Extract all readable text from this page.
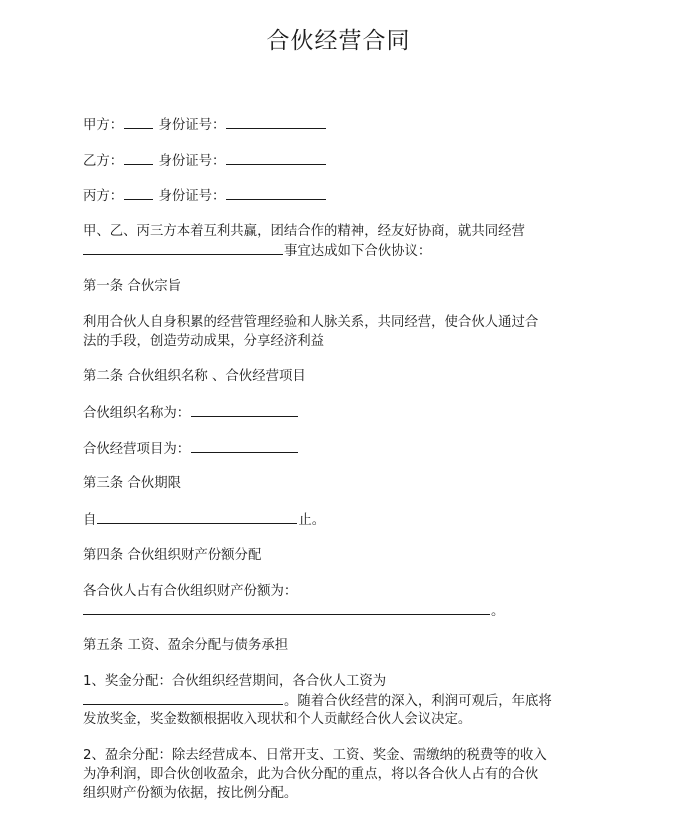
合伙经营合同
甲方：	身份证号：
乙方：	身份证号：
丙方：	身份证号：
甲、乙、丙三方本着互利共赢，团结合作的精神，经友好协商，就共同经营
事宜达成如下合伙协议：
第一条 合伙宗旨
利用合伙人自身积累的经营管理经验和人脉关系，共同经营，使合伙人通过合
法的手段，创造劳动成果，分享经济利益
第二条 合伙组织名称 、合伙经营项目
合伙组织名称为：
合伙经营项目为：
第三条 合伙期限
自	止。
第四条 合伙组织财产份额分配
各合伙人占有合伙组织财产份额为：
。
第五条 工资、盈余分配与债务承担
1、奖金分配：合伙组织经营期间，各合伙人工资为
。随着合伙经营的深入，利润可观后，年底将
发放奖金，奖金数额根据收入现状和个人贡献经合伙人会议决定。
2、盈余分配：除去经营成本、日常开支、工资、奖金、需缴纳的税费等的收入
为净利润，即合伙创收盈余，此为合伙分配的重点，将以各合伙人占有的合伙
组织财产份额为依据，按比例分配。
